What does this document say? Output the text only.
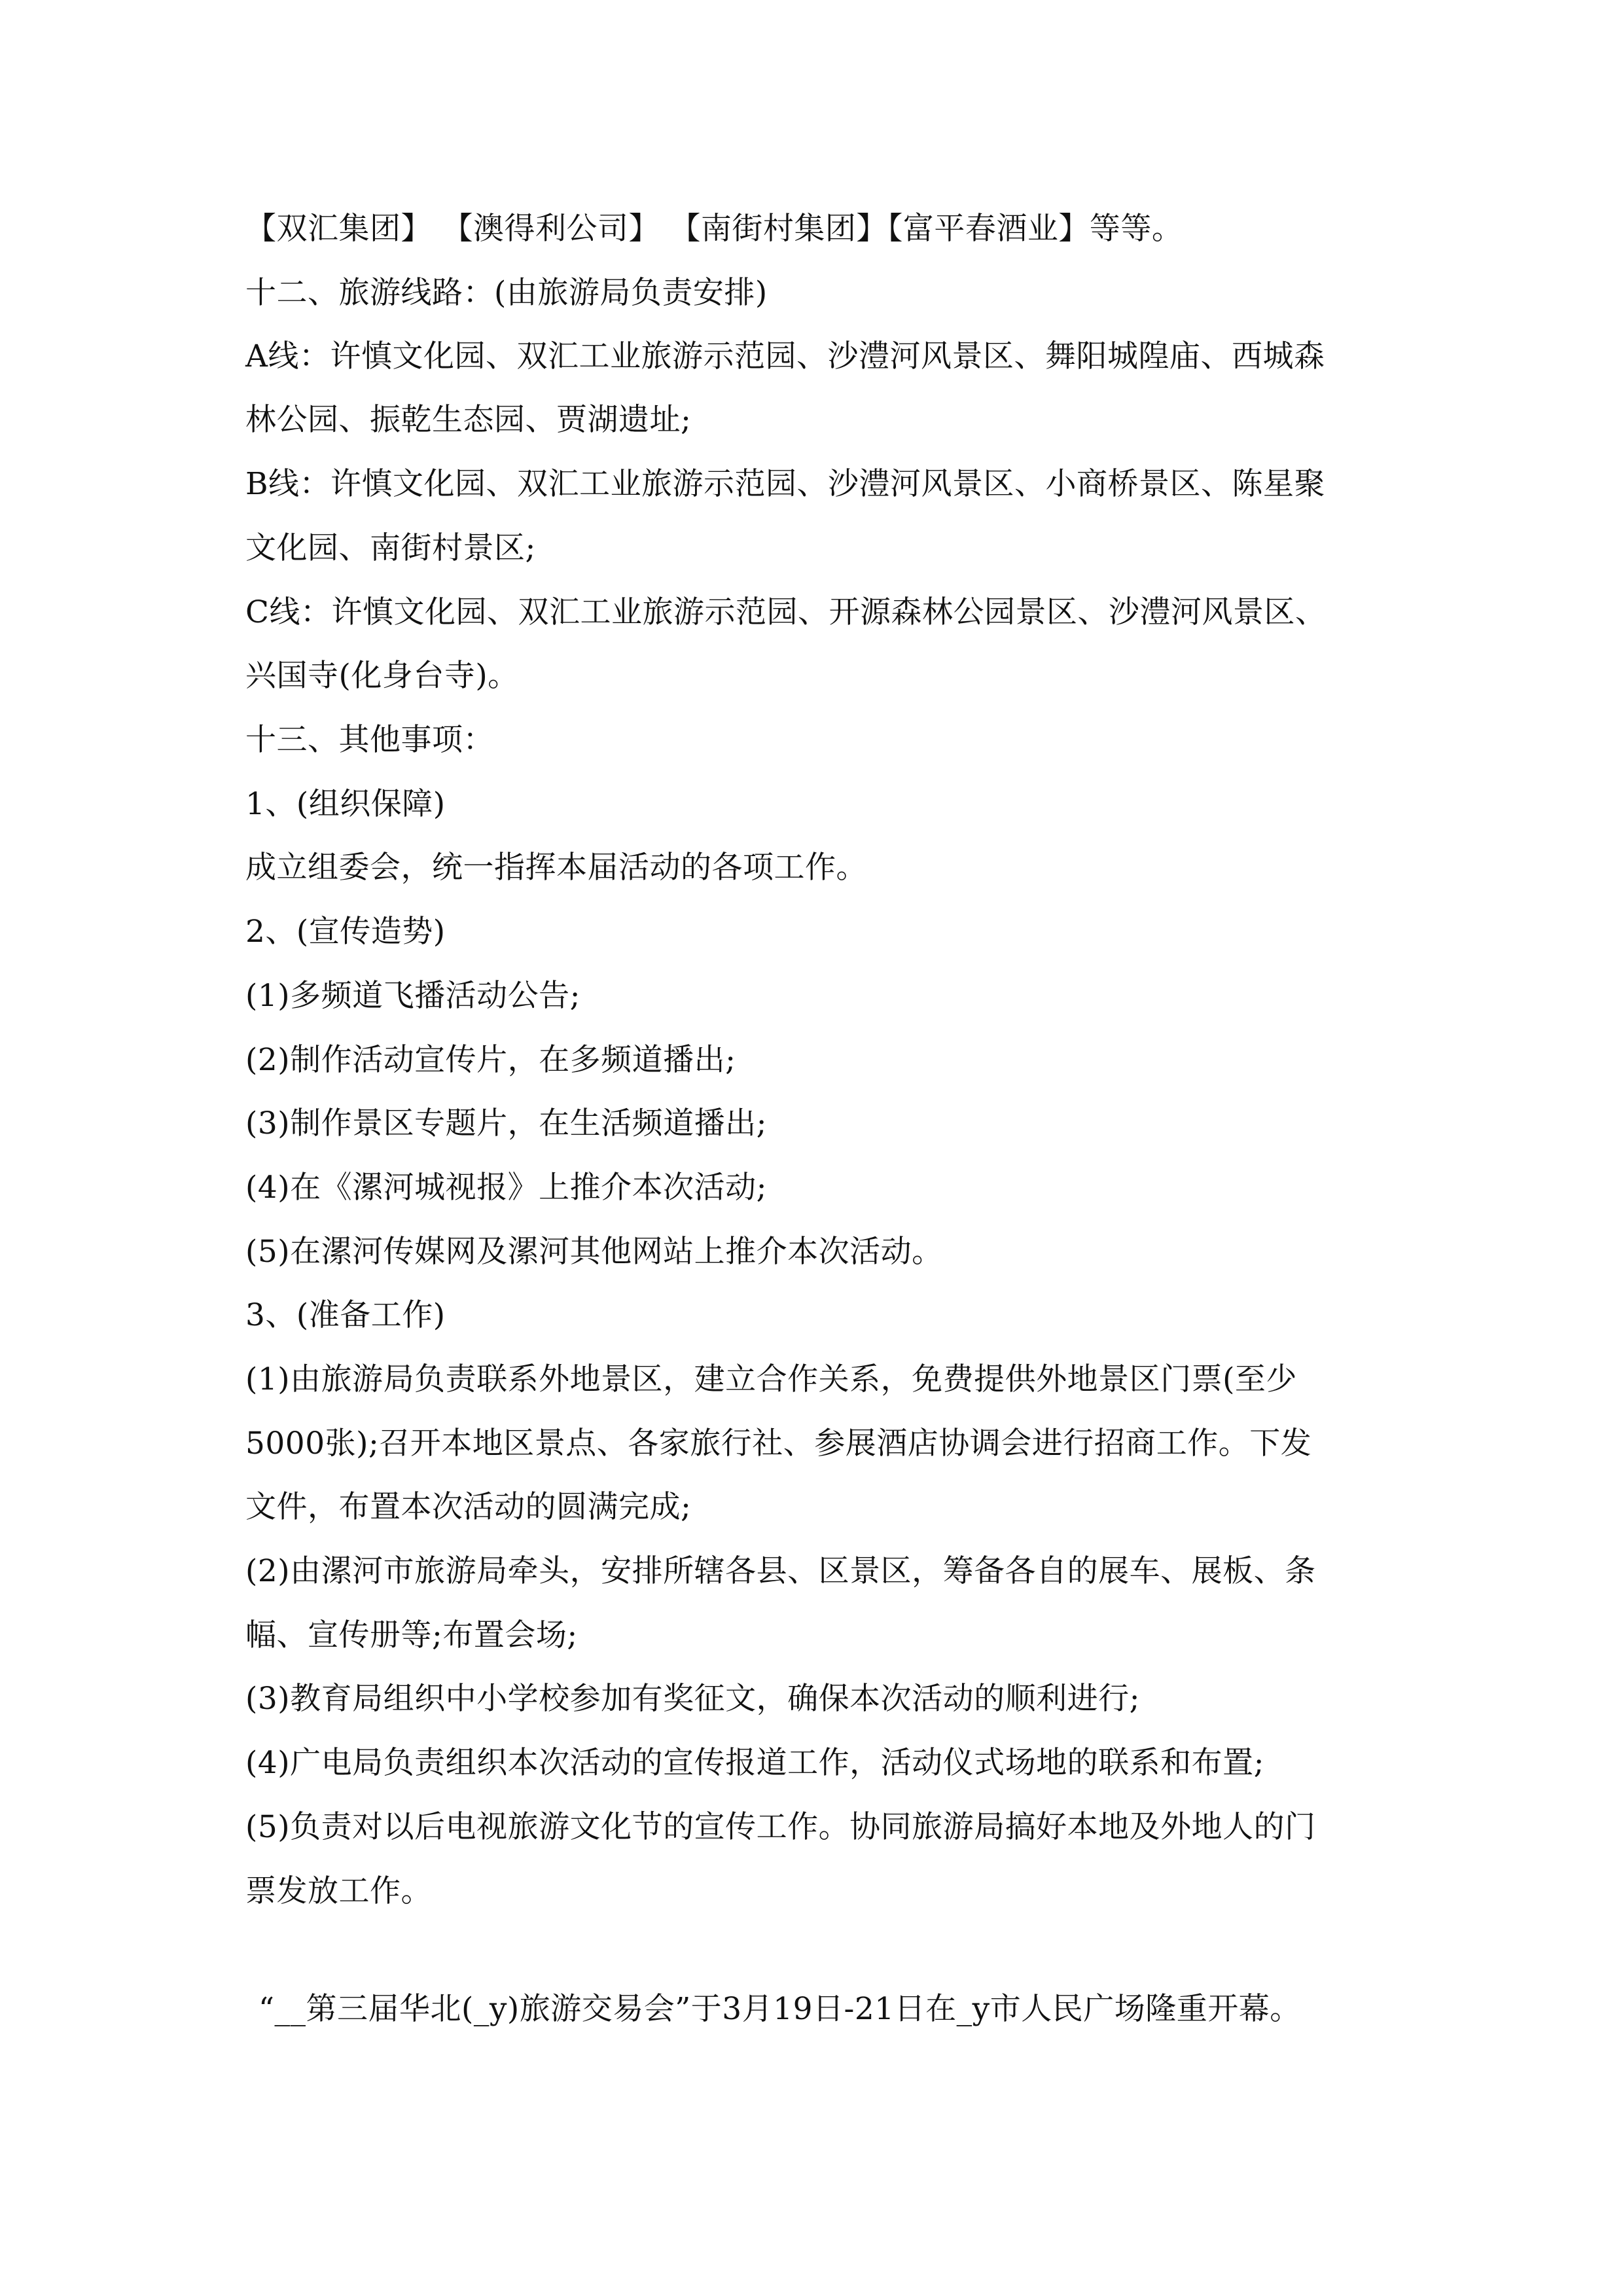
【双汇集团】 【澳得利公司】 【南街村集团】【富平春酒业】等等。
十二、旅游线路：(由旅游局负责安排)
A线：许慎文化园、双汇工业旅游示范园、沙澧河风景区、舞阳城隍庙、西城森
林公园、振乾生态园、贾湖遗址;
B线：许慎文化园、双汇工业旅游示范园、沙澧河风景区、小商桥景区、陈星聚
文化园、南街村景区;
C线：许慎文化园、双汇工业旅游示范园、开源森林公园景区、沙澧河风景区、
兴国寺(化身台寺)。
十三、其他事项：
1、(组织保障)
成立组委会，统一指挥本届活动的各项工作。
2、(宣传造势)
(1)多频道飞播活动公告;
(2)制作活动宣传片，在多频道播出;
(3)制作景区专题片，在生活频道播出;
(4)在《漯河城视报》上推介本次活动;
(5)在漯河传媒网及漯河其他网站上推介本次活动。
3、(准备工作)
(1)由旅游局负责联系外地景区，建立合作关系，免费提供外地景区门票(至少
5000张);召开本地区景点、各家旅行社、参展酒店协调会进行招商工作。下发
文件，布置本次活动的圆满完成;
(2)由漯河市旅游局牵头，安排所辖各县、区景区，筹备各自的展车、展板、条
幅、宣传册等;布置会场;
(3)教育局组织中小学校参加有奖征文，确保本次活动的顺利进行;
(4)广电局负责组织本次活动的宣传报道工作，活动仪式场地的联系和布置;
(5)负责对以后电视旅游文化节的宣传工作。协同旅游局搞好本地及外地人的门
票发放工作。
“__第三届华北(_y)旅游交易会”于3月19日-21日在_y市人民广场隆重开幕。
